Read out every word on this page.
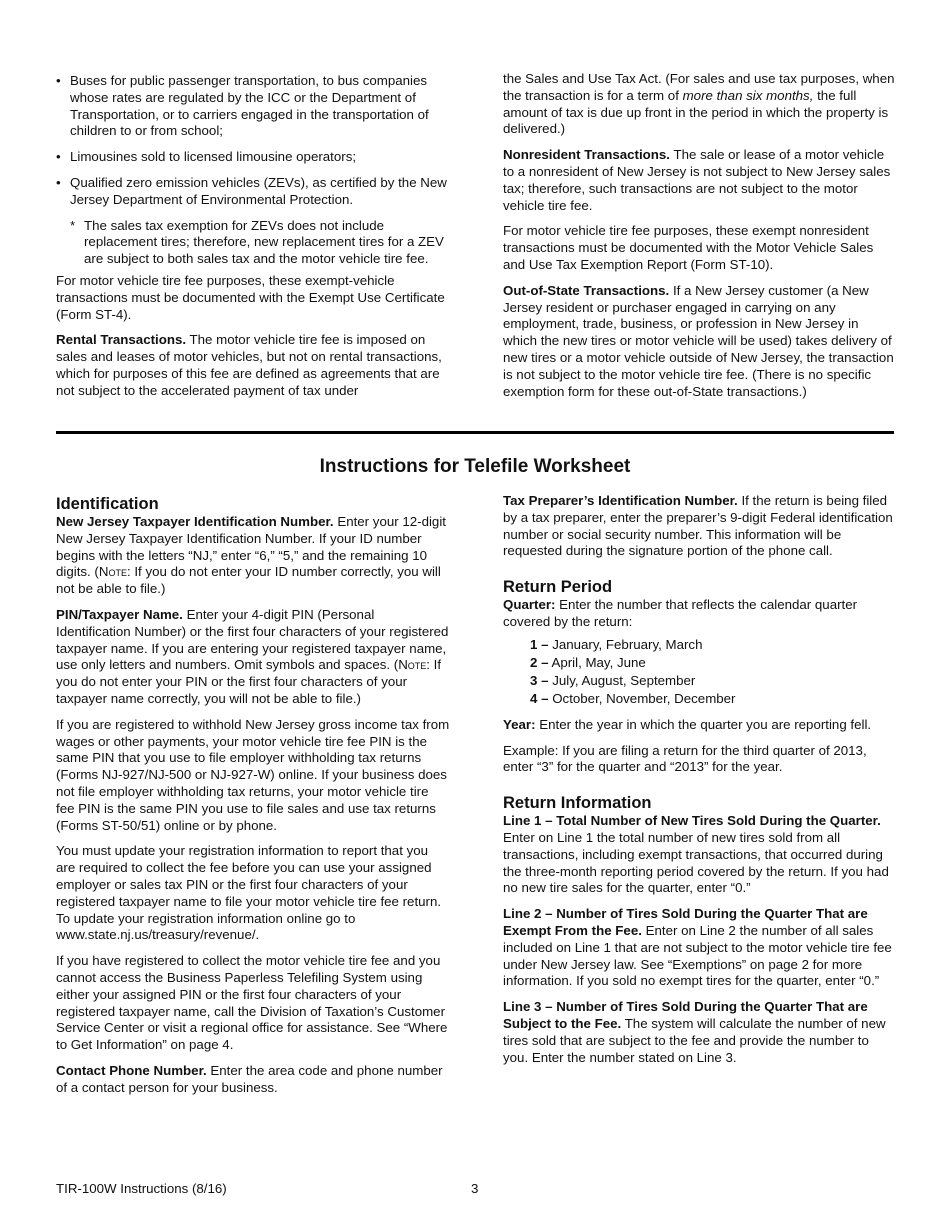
• Buses for public passenger transportation, to bus companies whose rates are regulated by the ICC or the Department of Transportation, or to carriers engaged in the transportation of children to or from school;
• Limousines sold to licensed limousine operators;
• Qualified zero emission vehicles (ZEVs), as certified by the New Jersey Department of Environmental Protection.
* The sales tax exemption for ZEVs does not include replacement tires; therefore, new replacement tires for a ZEV are subject to both sales tax and the motor vehicle tire fee.

For motor vehicle tire fee purposes, these exempt-vehicle transactions must be documented with the Exempt Use Certificate (Form ST-4).

Rental Transactions. The motor vehicle tire fee is imposed on sales and leases of motor vehicles, but not on rental transactions, which for purposes of this fee are defined as agreements that are not subject to the accelerated payment of tax under

the Sales and Use Tax Act. (For sales and use tax purposes, when the transaction is for a term of more than six months, the full amount of tax is due up front in the period in which the property is delivered.)

Nonresident Transactions. The sale or lease of a motor vehicle to a nonresident of New Jersey is not subject to New Jersey sales tax; therefore, such transactions are not subject to the motor vehicle tire fee.

For motor vehicle tire fee purposes, these exempt nonresident transactions must be documented with the Motor Vehicle Sales and Use Tax Exemption Report (Form ST-10).

Out-of-State Transactions. If a New Jersey customer (a New Jersey resident or purchaser engaged in carrying on any employment, trade, business, or profession in New Jersey in which the new tires or motor vehicle will be used) takes delivery of new tires or a motor vehicle outside of New Jersey, the transaction is not subject to the motor vehicle tire fee. (There is no specific exemption form for these out-of-State transactions.)

Instructions for Telefile Worksheet
Identification

New Jersey Taxpayer Identification Number. Enter your 12-digit New Jersey Taxpayer Identification Number. If your ID number begins with the letters “NJ,” enter “6,” “5,” and the remaining 10 digits. (Note: If you do not enter your ID number correctly, you will not be able to file.)

PIN/Taxpayer Name. Enter your 4-digit PIN (Personal Identification Number) or the first four characters of your registered taxpayer name. If you are entering your registered taxpayer name, use only letters and numbers. Omit symbols and spaces. (Note: If you do not enter your PIN or the first four characters of your taxpayer name correctly, you will not be able to file.)

If you are registered to withhold New Jersey gross income tax from wages or other payments, your motor vehicle tire fee PIN is the same PIN that you use to file employer withholding tax returns (Forms NJ-927/NJ-500 or NJ-927-W) online. If your business does not file employer withholding tax returns, your motor vehicle tire fee PIN is the same PIN you use to file sales and use tax returns (Forms ST-50/51) online or by phone.

You must update your registration information to report that you are required to collect the fee before you can use your assigned employer or sales tax PIN or the first four characters of your registered taxpayer name to file your motor vehicle tire fee return. To update your registration information online go to www.state.nj.us/treasury/revenue/.

If you have registered to collect the motor vehicle tire fee and you cannot access the Business Paperless Telefiling System using either your assigned PIN or the first four characters of your registered taxpayer name, call the Division of Taxation’s Customer Service Center or visit a regional office for assistance. See “Where to Get Information” on page 4.

Contact Phone Number. Enter the area code and phone number of a contact person for your business.

Tax Preparer’s Identification Number. If the return is being filed by a tax preparer, enter the preparer’s 9-digit Federal identification number or social security number. This information will be requested during the signature portion of the phone call.

Return Period
Quarter: Enter the number that reflects the calendar quarter covered by the return:
1 – January, February, March
2 – April, May, June
3 – July, August, September
4 – October, November, December

Year: Enter the year in which the quarter you are reporting fell.

Example: If you are filing a return for the third quarter of 2013, enter “3” for the quarter and “2013” for the year.

Return Information

Line 1 – Total Number of New Tires Sold During the Quarter. Enter on Line 1 the total number of new tires sold from all transactions, including exempt transactions, that occurred during the three-month reporting period covered by the return. If you had no new tire sales for the quarter, enter “0.”

Line 2 – Number of Tires Sold During the Quarter That are Exempt From the Fee. Enter on Line 2 the number of all sales included on Line 1 that are not subject to the motor vehicle tire fee under New Jersey law. See “Exemptions” on page 2 for more information. If you sold no exempt tires for the quarter, enter “0.”

Line 3 – Number of Tires Sold During the Quarter That are Subject to the Fee. The system will calculate the number of new tires sold that are subject to the fee and provide the number to you. Enter the number stated on Line 3.

TIR-100W Instructions (8/16)	3
